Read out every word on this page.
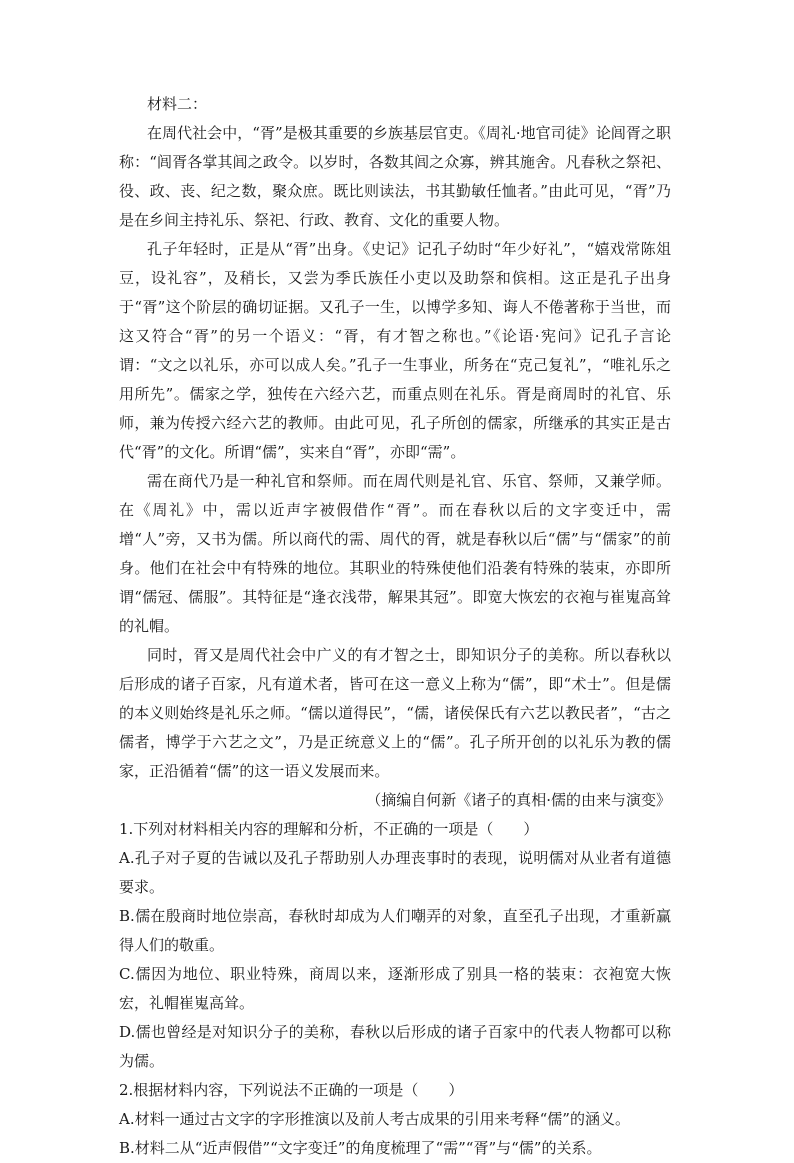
材料二：

在周代社会中，“胥”是极其重要的乡族基层官吏。《周礼·地官司徒》论闾胥之职称：“闾胥各掌其闾之政令。以岁时，各数其闾之众寡，辨其施舍。凡春秋之祭祀、役、政、丧、纪之数，聚众庶。既比则读法，书其勤敏任恤者。”由此可见，“胥”乃是在乡间主持礼乐、祭祀、行政、教育、文化的重要人物。

孔子年轻时，正是从“胥”出身。《史记》记孔子幼时“年少好礼”，“嬉戏常陈俎豆，设礼容”，及稍长，又尝为季氏族任小吏以及助祭和傧相。这正是孔子出身于“胥”这个阶层的确切证据。又孔子一生，以博学多知、诲人不倦著称于当世，而这又符合“胥”的另一个语义：“胥，有才智之称也。”《论语·宪问》记孔子言论谓：“文之以礼乐，亦可以成人矣。”孔子一生事业，所务在“克己复礼”，“唯礼乐之用所先”。儒家之学，独传在六经六艺，而重点则在礼乐。胥是商周时的礼官、乐师，兼为传授六经六艺的教师。由此可见，孔子所创的儒家，所继承的其实正是古代“胥”的文化。所谓“儒”，实来自“胥”，亦即“需”。

需在商代乃是一种礼官和祭师。而在周代则是礼官、乐官、祭师，又兼学师。在《周礼》中，需以近声字被假借作“胥”。而在春秋以后的文字变迁中，需增“人”旁，又书为儒。所以商代的需、周代的胥，就是春秋以后“儒”与“儒家”的前身。他们在社会中有特殊的地位。其职业的特殊使他们沿袭有特殊的装束，亦即所谓“儒冠、儒服”。其特征是“逢衣浅带，解果其冠”。即宽大恢宏的衣袍与崔嵬高耸的礼帽。

同时，胥又是周代社会中广义的有才智之士，即知识分子的美称。所以春秋以后形成的诸子百家，凡有道术者，皆可在这一意义上称为“儒”，即“术士”。但是儒的本义则始终是礼乐之师。“儒以道得民”，“儒，诸侯保氏有六艺以教民者”，“古之儒者，博学于六艺之文”，乃是正统意义上的“儒”。孔子所开创的以礼乐为教的儒家，正沿循着“儒”的这一语义发展而来。

（摘编自何新《诸子的真相·儒的由来与演变》

1.下列对材料相关内容的理解和分析，不正确的一项是（　　）

A.孔子对子夏的告诫以及孔子帮助别人办理丧事时的表现，说明儒对从业者有道德要求。

B.儒在殷商时地位崇高，春秋时却成为人们嘲弄的对象，直至孔子出现，才重新赢得人们的敬重。

C.儒因为地位、职业特殊，商周以来，逐渐形成了别具一格的装束：衣袍宽大恢宏，礼帽崔嵬高耸。

D.儒也曾经是对知识分子的美称，春秋以后形成的诸子百家中的代表人物都可以称为儒。

2.根据材料内容，下列说法不正确的一项是（　　）

A.材料一通过古文字的字形推演以及前人考古成果的引用来考释“儒”的涵义。

B.材料二从“近声假借”“文字变迁”的角度梳理了“需”“胥”与“儒”的关系。
